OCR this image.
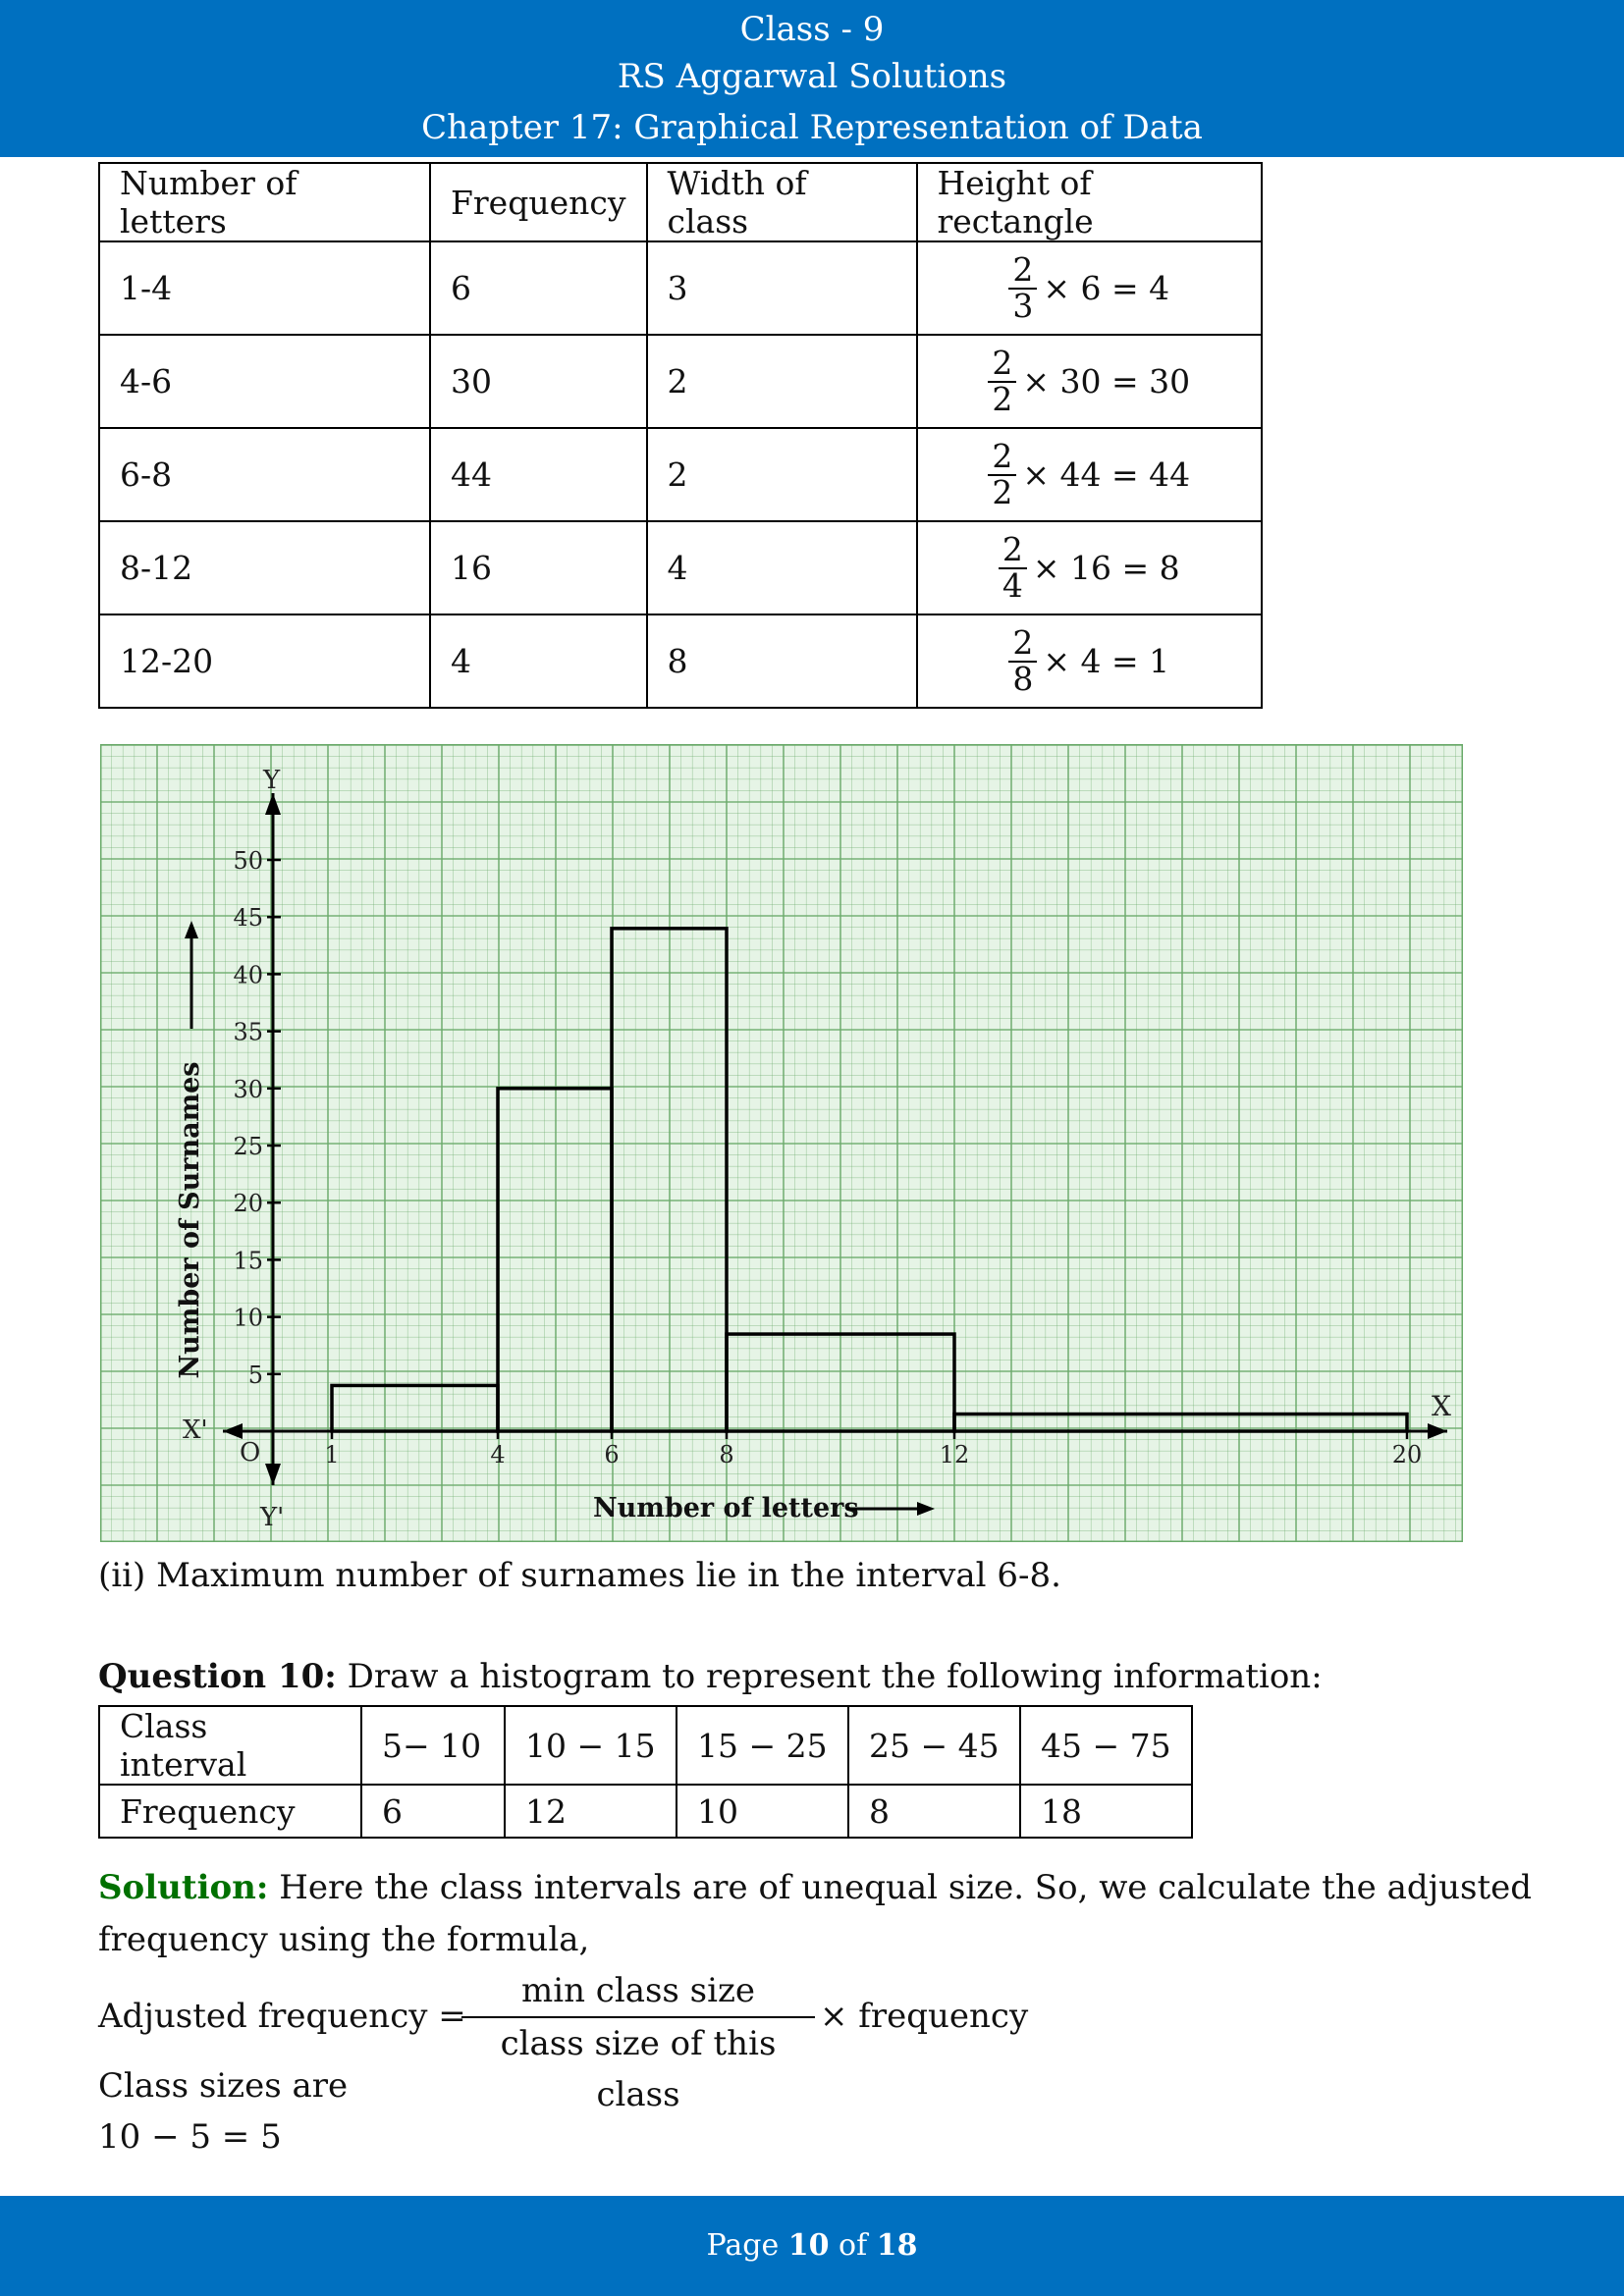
Class - 9
RS Aggarwal Solutions
Chapter 17: Graphical Representation of Data
Number of letters	Frequency	Width of class	Height of rectangle
1-4	6	3	$\frac{2}{3} \times 6 = 4$
4-6	30	2	$\frac{2}{2} \times 30 = 30$
6-8	44	2	$\frac{2}{2} \times 44 = 44$
8-12	16	4	$\frac{2}{4} \times 16 = 8$
12-20	4	8	$\frac{2}{8} \times 4 = 1$
Y
Y'
X
X'
O
5
10
15
20
25
30
35
40
45
50
1	4	6	8	12	20
Number of letters
Number of Surnames
(ii) Maximum number of surnames lie in the interval 6-8.
Question 10: Draw a histogram to represent the following information:
Class interval	5− 10	10 − 15	15 − 25	25 − 45	45 − 75
Frequency	6	12	10	8	18
Solution: Here the class intervals are of unequal size. So, we calculate the adjusted
frequency using the formula,
Adjusted frequency =
min class size
class size of this class
× frequency
Class sizes are
10 − 5 = 5
Page 10 of 18
